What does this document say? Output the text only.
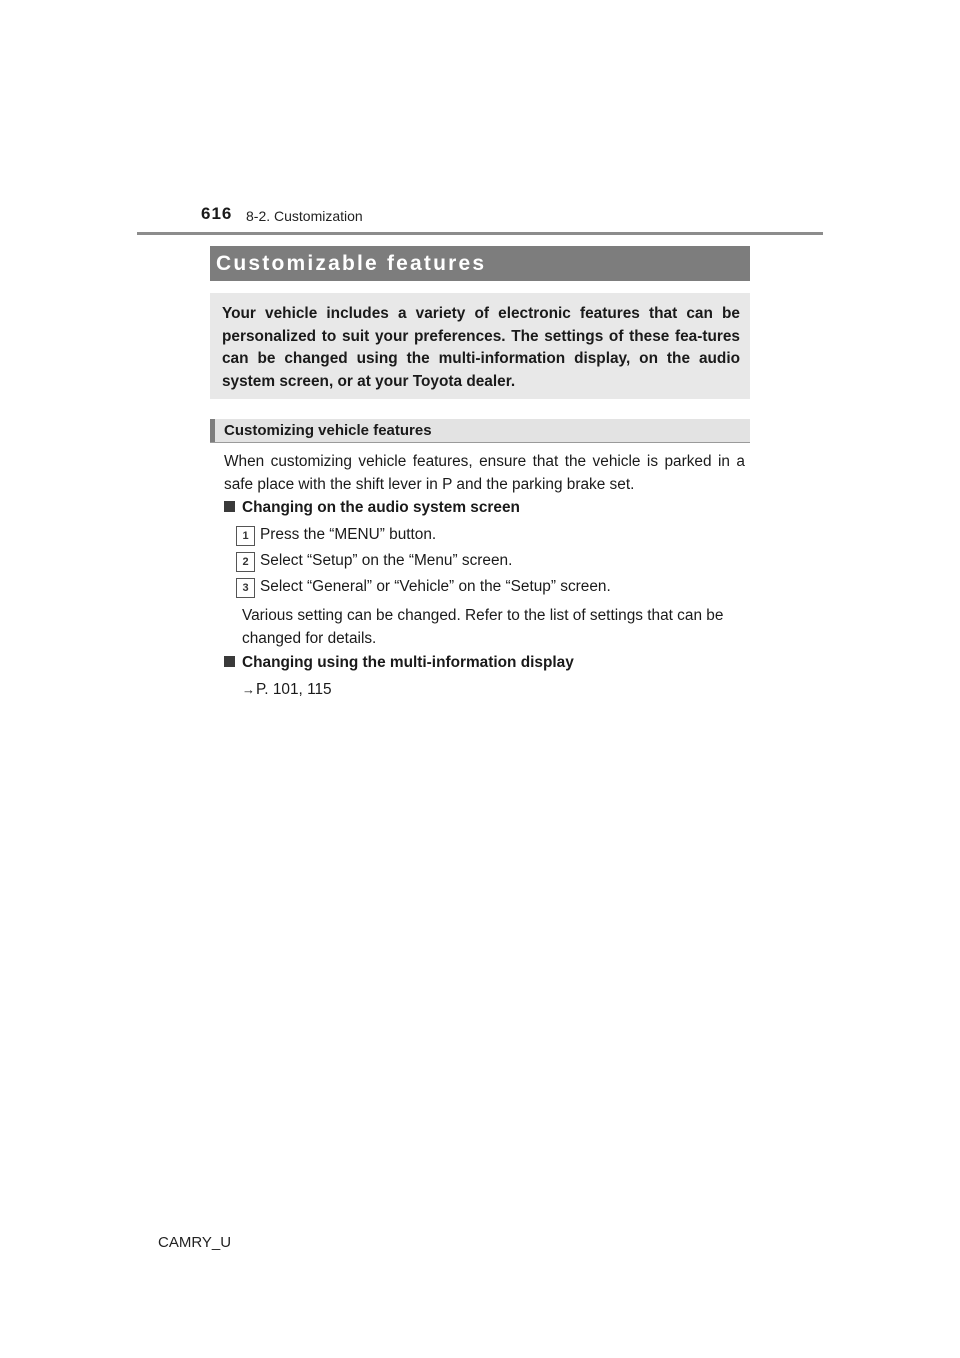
616 8-2. Customization
Customizable features
Your vehicle includes a variety of electronic features that can be personalized to suit your preferences. The settings of these fea-tures can be changed using the multi-information display, on the audio system screen, or at your Toyota dealer.
Customizing vehicle features
When customizing vehicle features, ensure that the vehicle is parked in a safe place with the shift lever in P and the parking brake set.
Changing on the audio system screen
1 Press the “MENU” button.
2 Select “Setup” on the “Menu” screen.
3 Select “General” or “Vehicle” on the “Setup” screen.
Various setting can be changed. Refer to the list of settings that can be changed for details.
Changing using the multi-information display
→P. 101, 115
CAMRY_U
